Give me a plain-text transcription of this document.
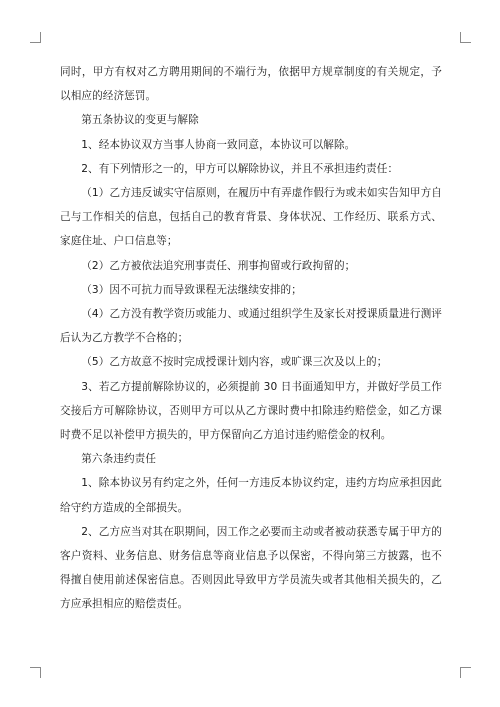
同时，甲方有权对乙方聘用期间的不端行为，依据甲方规章制度的有关规定，予以相应的经济惩罚。

第五条协议的变更与解除

1、经本协议双方当事人协商一致同意，本协议可以解除。

2、有下列情形之一的，甲方可以解除协议，并且不承担违约责任：

（1）乙方违反诚实守信原则，在履历中有弄虚作假行为或未如实告知甲方自己与工作相关的信息，包括自己的教育背景、身体状况、工作经历、联系方式、家庭住址、户口信息等；

（2）乙方被依法追究刑事责任、刑事拘留或行政拘留的；

（3）因不可抗力而导致课程无法继续安排的；

（4）乙方没有教学资历或能力、或通过组织学生及家长对授课质量进行测评后认为乙方教学不合格的；

（5）乙方故意不按时完成授课计划内容，或旷课三次及以上的；

3、若乙方提前解除协议的，必须提前 30 日书面通知甲方，并做好学员工作交接后方可解除协议，否则甲方可以从乙方课时费中扣除违约赔偿金，如乙方课时费不足以补偿甲方损失的，甲方保留向乙方追讨违约赔偿金的权利。

第六条违约责任

1、除本协议另有约定之外，任何一方违反本协议约定，违约方均应承担因此给守约方造成的全部损失。

2、乙方应当对其在职期间，因工作之必要而主动或者被动获悉专属于甲方的客户资料、业务信息、财务信息等商业信息予以保密，不得向第三方披露，也不得擅自使用前述保密信息。否则因此导致甲方学员流失或者其他相关损失的，乙方应承担相应的赔偿责任。
